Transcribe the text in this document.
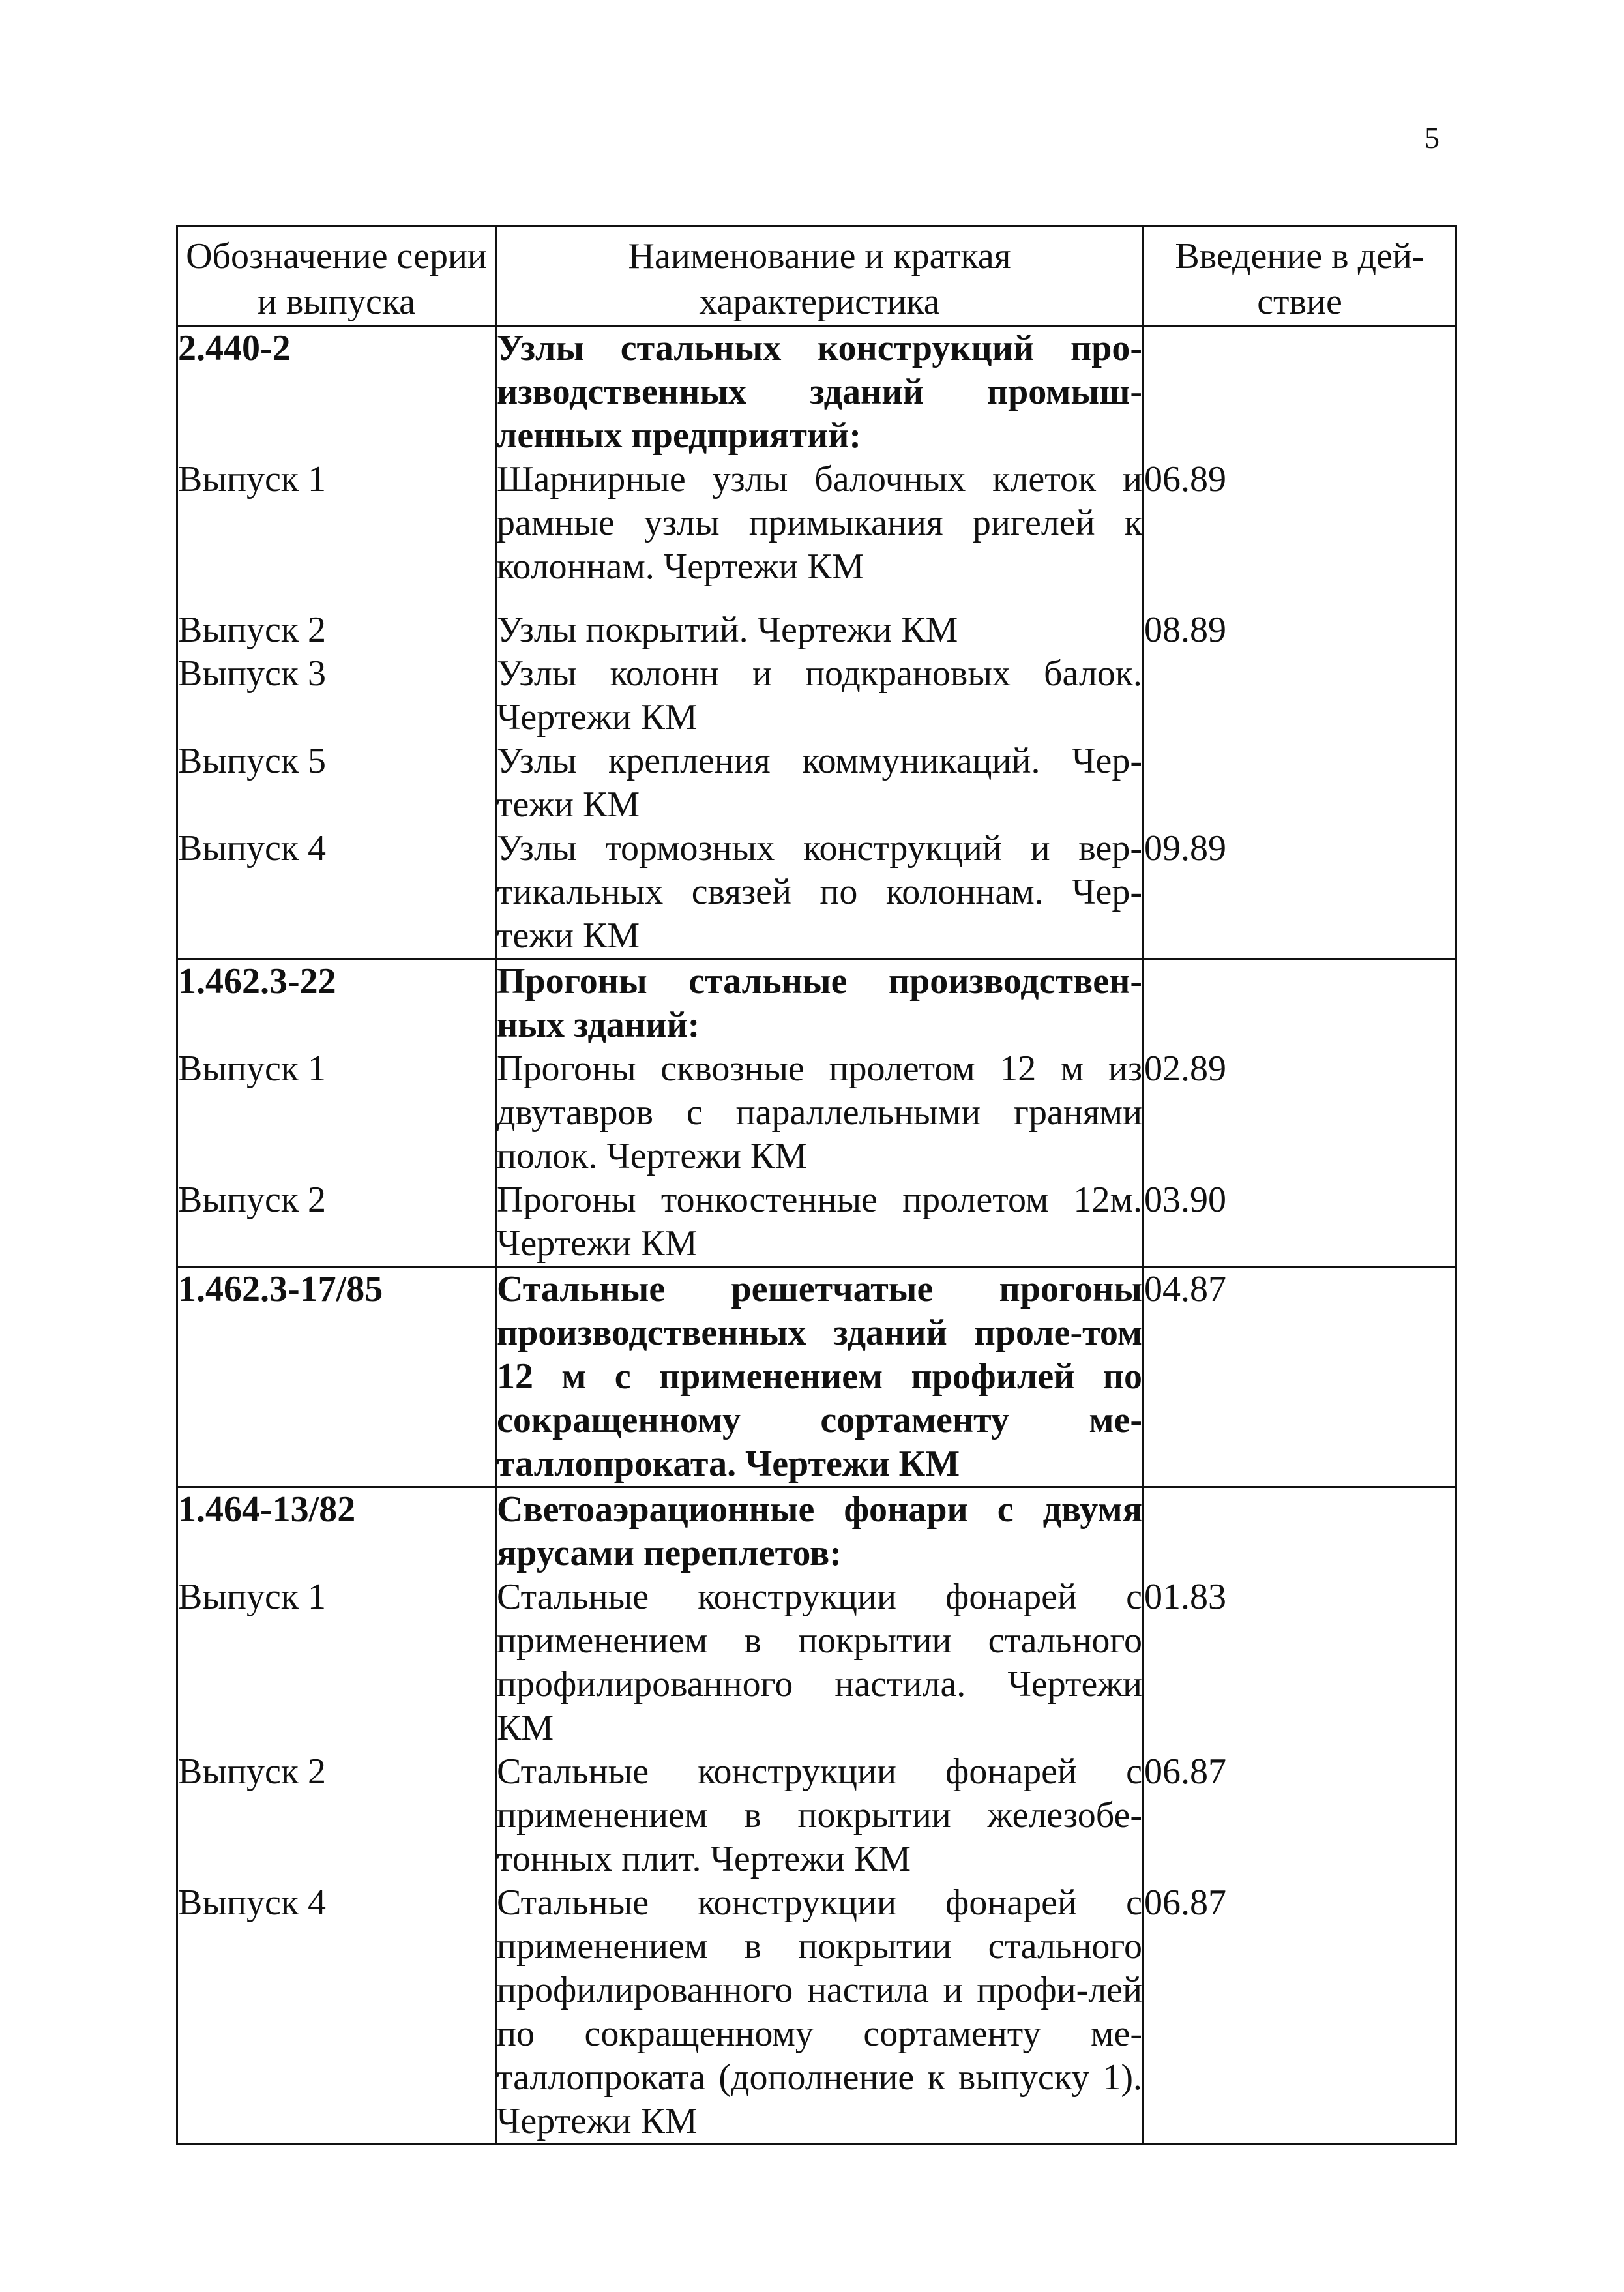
5
Обозначение серии и выпуска	Наименование и краткая характеристика	Введение в дей-ствие
2.440-2	Узлы стальных конструкций про-изводственных зданий промыш-ленных предприятий:	
Выпуск 1	Шарнирные узлы балочных клеток и рамные узлы примыкания ригелей к колоннам. Чертежи КМ	06.89

Выпуск 2	Узлы покрытий. Чертежи КМ	08.89
Выпуск 3	Узлы колонн и подкрановых балок. Чертежи КМ	
Выпуск 5	Узлы крепления коммуникаций. Чер-тежи КМ	
Выпуск 4	Узлы тормозных конструкций и вер-тикальных связей по колоннам. Чер-тежи КМ	09.89
1.462.3-22	Прогоны стальные производствен-ных зданий:	
Выпуск 1	Прогоны сквозные пролетом 12 м из двутавров с параллельными гранями полок. Чертежи КМ	02.89
Выпуск 2	Прогоны тонкостенные пролетом 12м. Чертежи КМ	03.90
1.462.3-17/85	Стальные решетчатые прогоны производственных зданий проле-том 12 м с применением профилей по сокращенному сортаменту ме-таллопроката. Чертежи КМ	04.87
1.464-13/82	Светоаэрационные фонари с двумя ярусами переплетов:	
Выпуск 1	Стальные конструкции фонарей с применением в покрытии стального профилированного настила. Чертежи КМ	01.83
Выпуск 2	Стальные конструкции фонарей с применением в покрытии железобе-тонных плит. Чертежи КМ	06.87
Выпуск 4	Стальные конструкции фонарей с применением в покрытии стального профилированного настила и профи-лей по сокращенному сортаменту ме-таллопроката (дополнение к выпуску 1). Чертежи КМ	06.87
